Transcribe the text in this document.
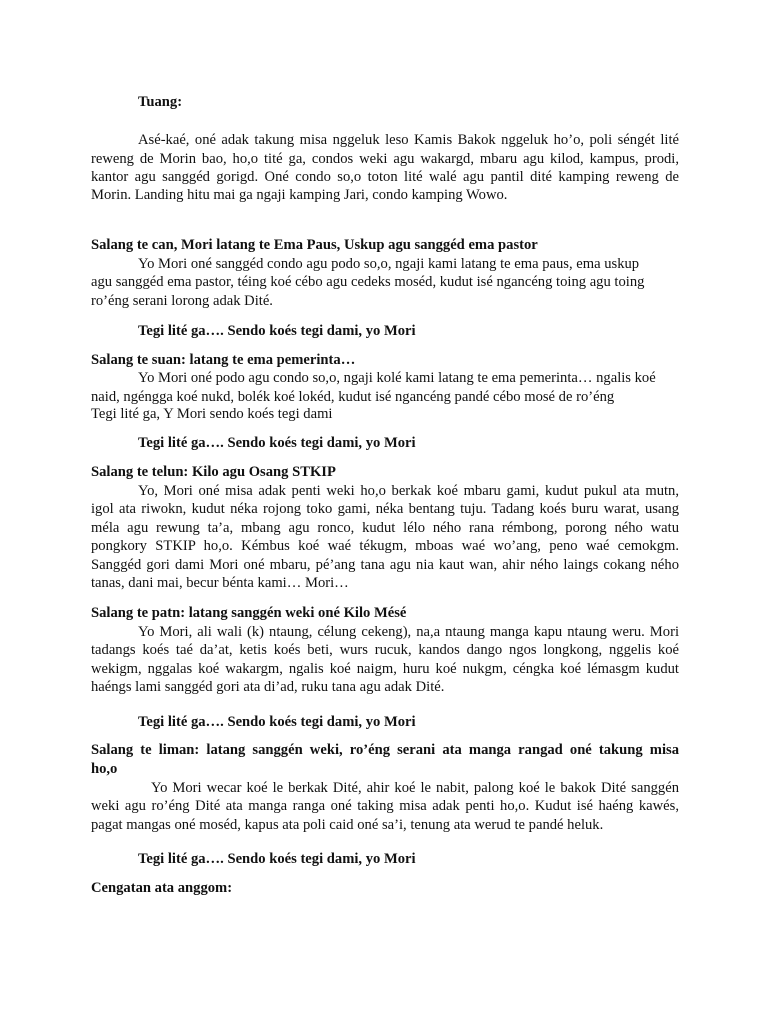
Tuang:
Asé-kaé, oné adak takung misa nggeluk leso Kamis Bakok nggeluk ho’o, poli séngét lité
reweng de Morin bao, ho,o tité ga, condos weki agu wakargd, mbaru agu kilod, kampus, prodi,
kantor agu sanggéd gorigd. Oné condo so,o toton lité walé agu pantil dité kamping reweng de
Morin. Landing hitu mai ga ngaji kamping Jari, condo kamping Wowo.
Salang te can, Mori latang te Ema Paus, Uskup agu sanggéd ema pastor
Yo Mori oné sanggéd condo agu podo so,o, ngaji kami latang te ema paus, ema uskup
agu sanggéd ema pastor, téing koé cébo agu cedeks moséd, kudut isé ngancéng toing agu toing
ro’éng serani lorong adak Dité.
Tegi lité ga…. Sendo koés tegi dami, yo Mori
Salang te suan: latang te ema pemerinta…
Yo Mori oné podo agu condo so,o, ngaji kolé kami latang te ema pemerinta… ngalis koé
naid, ngéngga koé nukd, bolék koé lokéd, kudut isé ngancéng pandé cébo mosé de ro’éng
Tegi lité ga, Y Mori sendo koés tegi dami
Tegi lité ga…. Sendo koés tegi dami, yo Mori
Salang te telun: Kilo agu Osang STKIP
Yo, Mori oné misa adak penti weki ho,o berkak koé mbaru gami, kudut pukul ata mutn,
igol ata riwokn, kudut néka rojong toko gami, néka bentang tuju. Tadang koés buru warat, usang
méla agu rewung ta’a, mbang agu ronco, kudut lélo ného rana rémbong, porong ného watu
pongkory STKIP ho,o. Kémbus koé waé tékugm, mboas waé wo’ang, peno waé cemokgm.
Sanggéd gori dami Mori oné mbaru, pé’ang tana agu nia kaut wan, ahir ného laings cokang ného
tanas, dani mai, becur bénta kami… Mori…
Salang te patn: latang sanggén weki oné Kilo Mésé
Yo Mori, ali wali (k) ntaung, célung cekeng), na,a ntaung manga kapu ntaung weru. Mori
tadangs koés taé da’at, ketis koés beti, wurs rucuk, kandos dango ngos longkong, nggelis koé
wekigm, nggalas koé wakargm, ngalis koé naigm, huru koé nukgm, céngka koé lémasgm kudut
haéngs lami sanggéd gori ata di’ad, ruku tana agu adak Dité.
Tegi lité ga…. Sendo koés tegi dami, yo Mori
Salang te liman: latang sanggén weki, ro’éng serani ata manga rangad oné takung misa
ho,o
Yo Mori wecar koé le berkak Dité, ahir koé le nabit, palong koé le bakok Dité sanggén
weki agu ro’éng Dité ata manga ranga oné taking misa adak penti ho,o. Kudut isé haéng kawés,
pagat mangas oné moséd, kapus ata poli caid oné sa’i, tenung ata werud te pandé heluk.
Tegi lité ga…. Sendo koés tegi dami, yo Mori
Cengatan ata anggom:
